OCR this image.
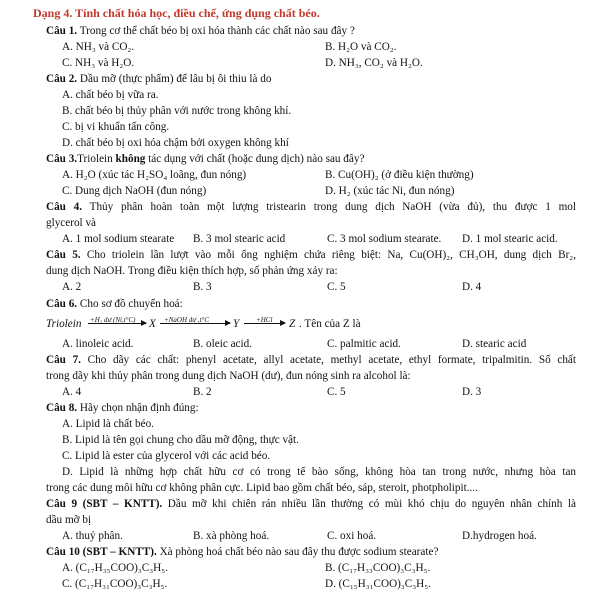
Dạng 4. Tính chất hóa học, điều chế, ứng dụng chất béo.
Câu 1. Trong cơ thể chất béo bị oxi hóa thành các chất nào sau đây ?
A. NH₃ và CO₂.	B. H₂O và CO₂.
C. NH₃ và H₂O.	D. NH₃, CO₂ và H₂O.
Câu 2. Dầu mỡ (thực phẩm) để lâu bị ôi thiu là do
A. chất béo bị vữa ra.
B. chất béo bị thủy phân với nước trong không khí.
C. bị vi khuẩn tấn công.
D. chất béo bị oxi hóa chậm bởi oxygen không khí
Câu 3.Triolein không tác dụng với chất (hoặc dung dịch) nào sau đây?
A. H₂O (xúc tác H₂SO₄ loãng, đun nóng)	B. Cu(OH)₂ (ở điều kiện thường)
C. Dung dịch NaOH (đun nóng)	D. H₂ (xúc tác Ni, đun nóng)
Câu 4. Thủy phân hoàn toàn một lượng tristearin trong dung dịch NaOH (vừa đủ), thu được 1 mol
glycerol và
A. 1 mol sodium stearate B. 3 mol stearic acid	C. 3 mol sodium stearate. D. 1 mol stearic acid.
Câu 5. Cho triolein lần lượt vào mỗi ống nghiệm chứa riêng biệt: Na, Cu(OH)₂, CH₃OH, dung dịch Br₂,
dung dịch NaOH. Trong điều kiện thích hợp, số phản ứng xảy ra:
A. 2	B. 3	C. 5	D. 4
Câu 6. Cho sơ đồ chuyển hoá:
Triolein +H₂ dư (Ni,t°C) X +NaOH dư ,t°C Y +HCl Z . Tên của Z là
A. linoleic acid.	B. oleic acid.	C. palmitic acid.	D. stearic acid
Câu 7. Cho dãy các chất: phenyl acetate, allyl acetate, methyl acetate, ethyl formate, tripalmitin. Số chất
trong dãy khi thủy phân trong dung dịch NaOH (dư), đun nóng sinh ra alcohol là:
A. 4	B. 2	C. 5	D. 3
Câu 8. Hãy chọn nhận định đúng:
A. Lipid là chất béo.
B. Lipid là tên gọi chung cho dầu mỡ động, thực vật.
C. Lipid là ester của glycerol với các acid béo.
D. Lipid là những hợp chất hữu cơ có trong tế bào sống, không hòa tan trong nước, nhưng hòa tan
trong các dung môi hữu cơ không phân cực. Lipid bao gồm chất béo, sáp, steroit, photpholipit....
Câu 9 (SBT – KNTT). Dầu mỡ khi chiên rán nhiều lần thường có mùi khó chịu do nguyên nhân chính là
dầu mỡ bị
A. thuỷ phân.	B. xà phòng hoá.	C. oxi hoá.	D.hydrogen hoá.
Câu 10 (SBT – KNTT). Xà phòng hoá chất béo nào sau đây thu được sodium stearate?
A. (C₁₇H₃₅COO)₃C₃H₅.	B. (C₁₇H₃₃COO)₃C₃H₅.
C. (C₁₇H₃₁COO)₃C₃H₅.	D. (C₁₅H₃₁COO)₃C₃H₅.
